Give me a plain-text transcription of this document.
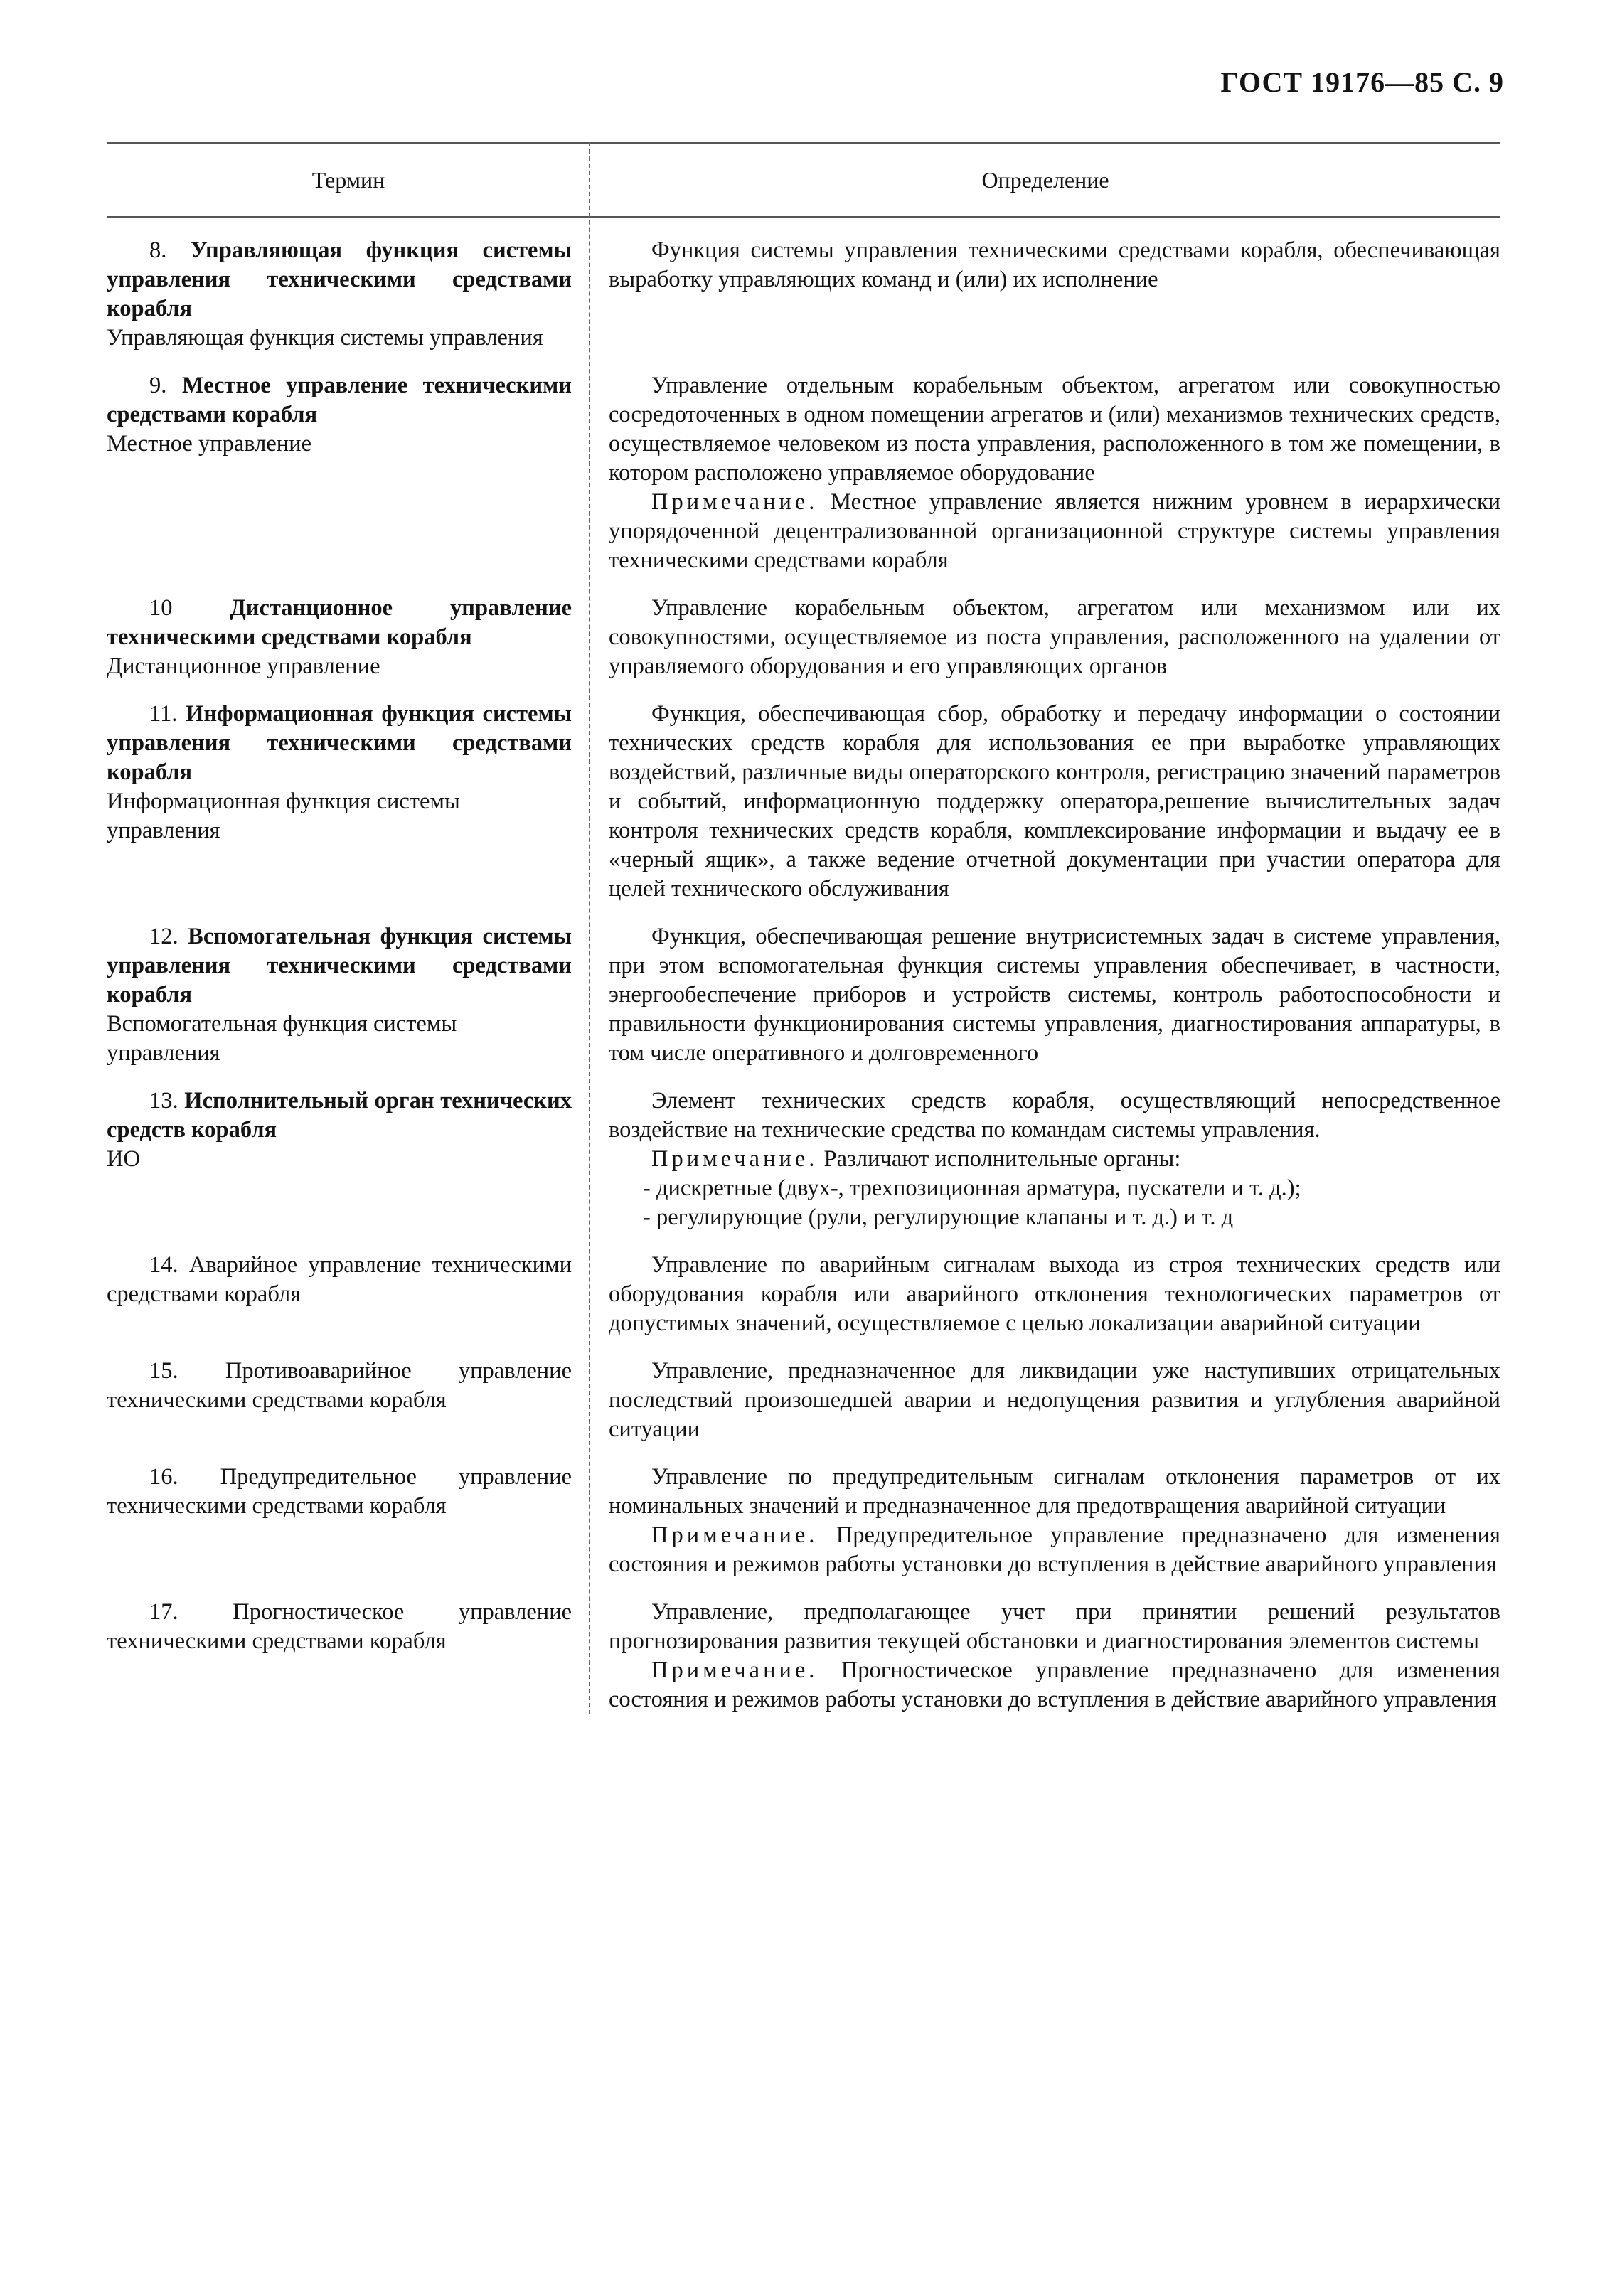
ГОСТ 19176—85 С. 9
Термин	Определение

8. Управляющая функция системы управления техническими средствами корабля

Управляющая функция системы управления

Функция системы управления техническими средствами корабля, обеспечивающая выработку управляющих команд и (или) их исполнение

9. Местное управление техническими средствами корабля

Местное управление

Управление отдельным корабельным объектом, агрегатом или совокупностью сосредоточенных в одном помещении агрегатов и (или) механизмов технических средств, осуществляемое человеком из поста управления, расположенного в том же помещении, в котором расположено управляемое оборудование

Примечание. Местное управление является нижним уровнем в иерархически упорядоченной децентрализованной организационной структуре системы управления техническими средствами корабля

10 Дистанционное управление техническими средствами корабля

Дистанционное управление

Управление корабельным объектом, агрегатом или механизмом или их совокупностями, осуществляемое из поста управления, расположенного на удалении от управляемого оборудования и его управляющих органов

11. Информационная функция системы управления техническими средствами корабля

Информационная функция системы управления

Функция, обеспечивающая сбор, обработку и передачу информации о состоянии технических средств корабля для использования ее при выработке управляющих воздействий, различные виды операторского контроля, регистрацию значений параметров и событий, информационную поддержку оператора,решение вычислительных задач контроля технических средств корабля, комплексирование информации и выдачу ее в «черный ящик», а также ведение отчетной документации при участии оператора для целей технического обслуживания

12. Вспомогательная функция системы управления техническими средствами корабля

Вспомогательная функция системы управления

Функция, обеспечивающая решение внутрисистемных задач в системе управления, при этом вспомогательная функция системы управления обеспечивает, в частности, энергообеспечение приборов и устройств системы, контроль работоспособности и правильности функционирования системы управления, диагностирования аппаратуры, в том числе оперативного и долговременного

13. Исполнительный орган технических средств корабля

ИО

Элемент технических средств корабля, осуществляющий непосредственное воздействие на технические средства по командам системы управления.

Примечание. Различают исполнительные органы:

- дискретные (двух-, трехпозиционная арматура, пускатели и т. д.);
- регулирующие (рули, регулирующие клапаны и т. д.) и т. д

14. Аварийное управление техническими средствами корабля

Управление по аварийным сигналам выхода из строя технических средств или оборудования корабля или аварийного отклонения технологических параметров от допустимых значений, осуществляемое с целью локализации аварийной ситуации

15. Противоаварийное управление техническими средствами корабля

Управление, предназначенное для ликвидации уже наступивших отрицательных последствий произошедшей аварии и недопущения развития и углубления аварийной ситуации

16. Предупредительное управление техническими средствами корабля

Управление по предупредительным сигналам отклонения параметров от их номинальных значений и предназначенное для предотвращения аварийной ситуации

Примечание. Предупредительное управление предназначено для изменения состояния и режимов работы установки до вступления в действие аварийного управления

17. Прогностическое управление техническими средствами корабля

Управление, предполагающее учет при принятии решений результатов прогнозирования развития текущей обстановки и диагностирования элементов системы

Примечание. Прогностическое управление предназначено для изменения состояния и режимов работы установки до вступления в действие аварийного управления
